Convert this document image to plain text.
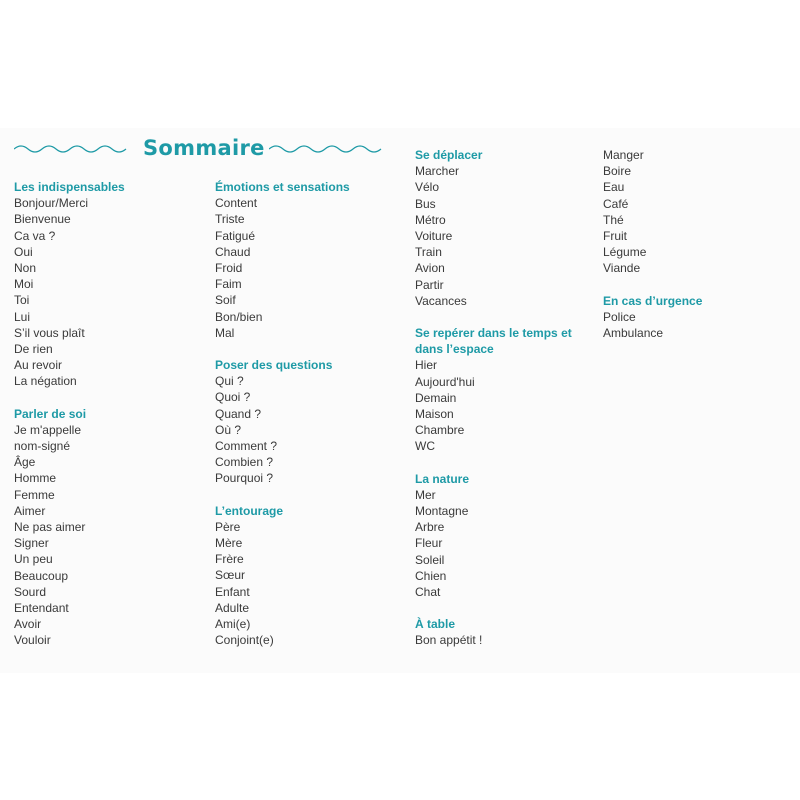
Sommaire
Les indispensables
Bonjour/Merci
Bienvenue
Ca va ?
Oui
Non
Moi
Toi
Lui
S’il vous plaît
De rien
Au revoir
La négation
Parler de soi
Je m'appelle
nom-signé
Âge
Homme
Femme
Aimer
Ne pas aimer
Signer
Un peu
Beaucoup
Sourd
Entendant
Avoir
Vouloir
Émotions et sensations
Content
Triste
Fatigué
Chaud
Froid
Faim
Soif
Bon/bien
Mal
Poser des questions
Qui ?
Quoi ?
Quand ?
Où ?
Comment ?
Combien ?
Pourquoi ?
L’entourage
Père
Mère
Frère
Sœur
Enfant
Adulte
Ami(e)
Conjoint(e)
Se déplacer
Marcher
Vélo
Bus
Métro
Voiture
Train
Avion
Partir
Vacances
Se repérer dans le temps et dans l’espace
Hier
Aujourd'hui
Demain
Maison
Chambre
WC
La nature
Mer
Montagne
Arbre
Fleur
Soleil
Chien
Chat
À table
Bon appétit !
Manger
Boire
Eau
Café
Thé
Fruit
Légume
Viande
En cas d’urgence
Police
Ambulance
